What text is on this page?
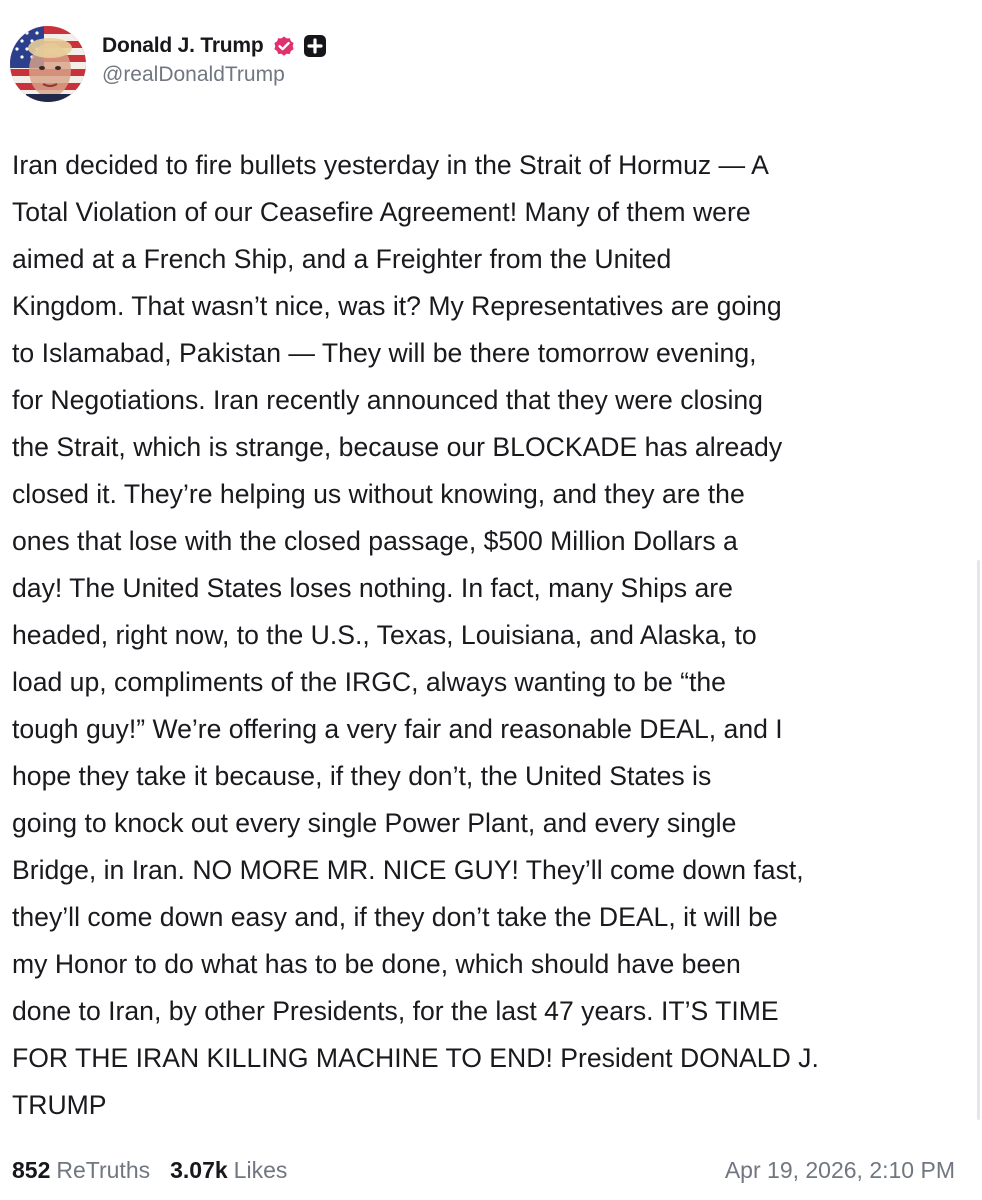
Donald J. Trump
@realDonaldTrump

Iran decided to fire bullets yesterday in the Strait of Hormuz — A
Total Violation of our Ceasefire Agreement! Many of them were
aimed at a French Ship, and a Freighter from the United
Kingdom. That wasn’t nice, was it? My Representatives are going
to Islamabad, Pakistan — They will be there tomorrow evening,
for Negotiations. Iran recently announced that they were closing
the Strait, which is strange, because our BLOCKADE has already
closed it. They’re helping us without knowing, and they are the
ones that lose with the closed passage, $500 Million Dollars a
day! The United States loses nothing. In fact, many Ships are
headed, right now, to the U.S., Texas, Louisiana, and Alaska, to
load up, compliments of the IRGC, always wanting to be “the
tough guy!” We’re offering a very fair and reasonable DEAL, and I
hope they take it because, if they don’t, the United States is
going to knock out every single Power Plant, and every single
Bridge, in Iran. NO MORE MR. NICE GUY! They’ll come down fast,
they’ll come down easy and, if they don’t take the DEAL, it will be
my Honor to do what has to be done, which should have been
done to Iran, by other Presidents, for the last 47 years. IT’S TIME
FOR THE IRAN KILLING MACHINE TO END! President DONALD J.
TRUMP

852 ReTruths 3.07k Likes	Apr 19, 2026, 2:10 PM
